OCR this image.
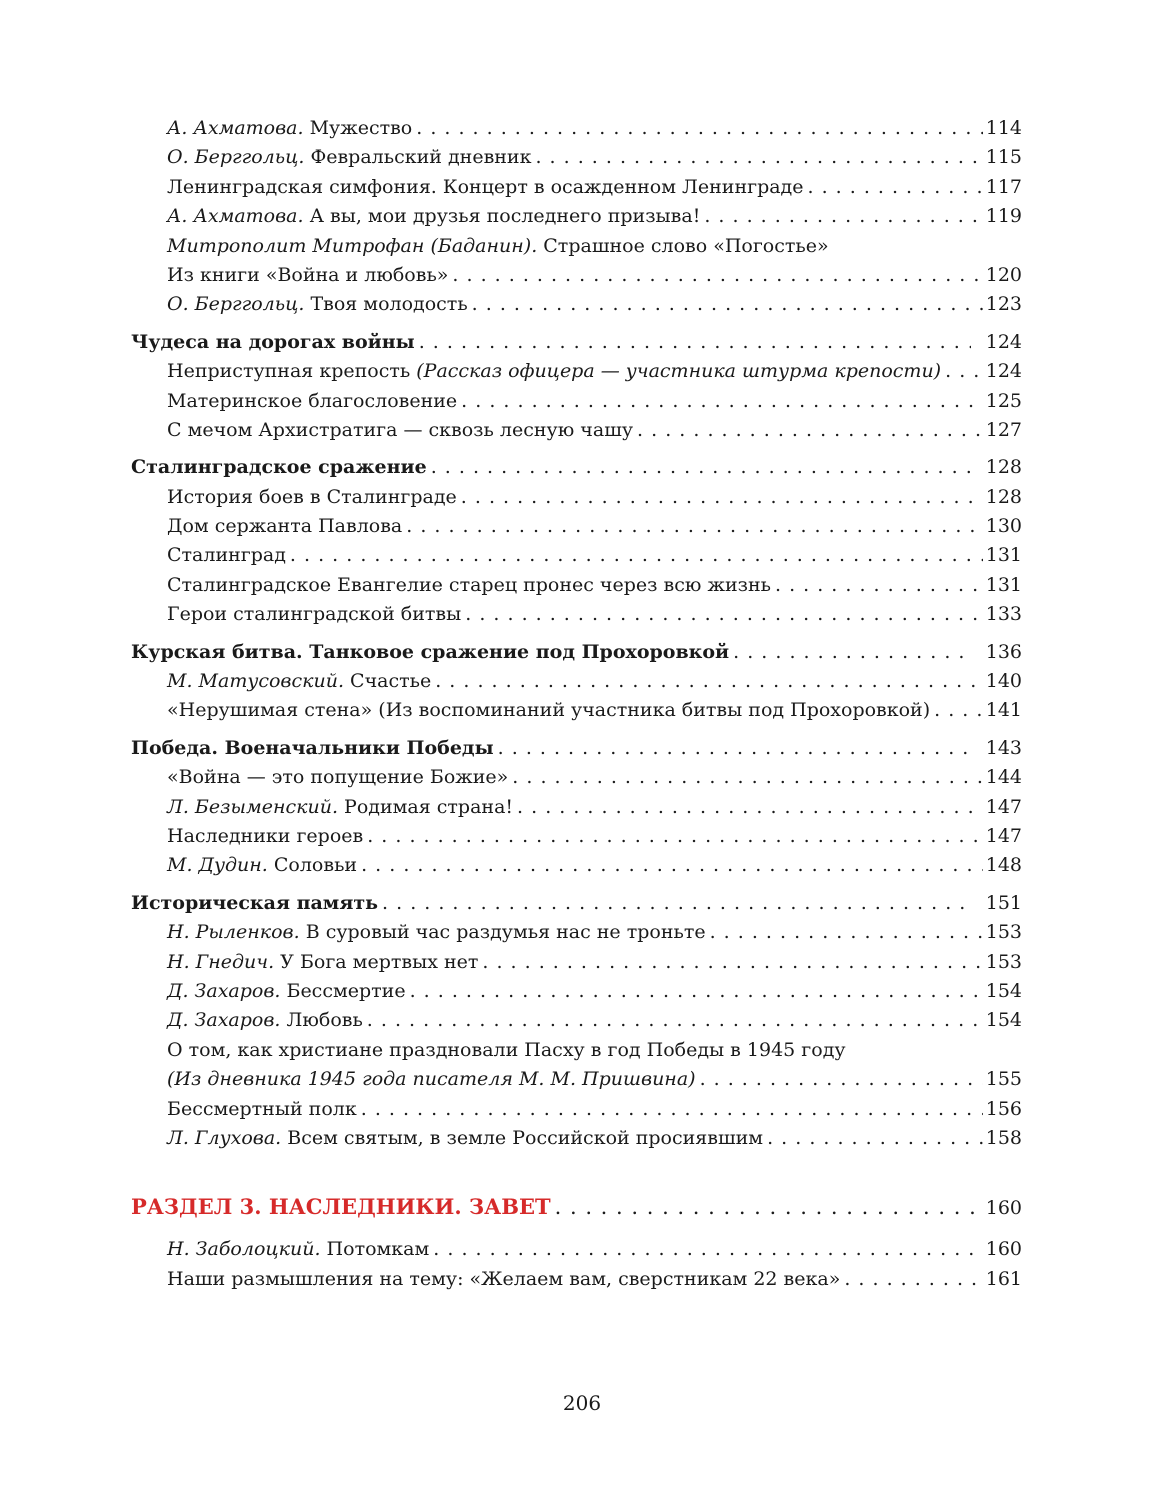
А. Ахматова. Мужество . . .	114
О. Берггольц. Февральский дневник . . .	115
Ленинградская симфония. Концерт в осажденном Ленинграде . . .	117
А. Ахматова. А вы, мои друзья последнего призыва! . . .	119
Митрополит Митрофан (Баданин). Страшное слово «Погостье»
Из книги «Война и любовь» . . .	120
О. Берггольц. Твоя молодость . . .	123
Чудеса на дорогах войны . . .	124
Неприступная крепость (Рассказ офицера — участника штурма крепости) . . . 124
Материнское благословение . . .	125
С мечом Архистратига — сквозь лесную чашу . . .	127
Сталинградское сражение . . .	128
История боев в Сталинграде . . .	128
Дом сержанта Павлова . . .	130
Сталинград . . .	131
Сталинградское Евангелие старец пронес через всю жизнь . . .	131
Герои сталинградской битвы . . .	133
Курская битва. Танковое сражение под Прохоровкой . . .	136
М. Матусовский. Счастье . . .	140
«Нерушимая стена» (Из воспоминаний участника битвы под Прохоровкой) . . .	141
Победа. Военачальники Победы . . .	143
«Война — это попущение Божие» . . .	144
Л. Безыменский. Родимая страна! . . .	147
Наследники героев . . .	147
М. Дудин. Соловьи . . .	148
Историческая память . . .	151
Н. Рыленков. В суровый час раздумья нас не троньте . . .	153
Н. Гнедич. У Бога мертвых нет . . .	153
Д. Захаров. Бессмертие . . .	154
Д. Захаров. Любовь . . .	154
О том, как христиане праздновали Пасху в год Победы в 1945 году
(Из дневника 1945 года писателя М. М. Пришвина) . . .	155
Бессмертный полк . . .	156
Л. Глухова. Всем святым, в земле Российской просиявшим . . .	158
РАЗДЕЛ 3. НАСЛЕДНИКИ. ЗАВЕТ . . .	160
Н. Заболоцкий. Потомкам . . .	160
Наши размышления на тему: «Желаем вам, сверстникам 22 века» . . .	161
206
